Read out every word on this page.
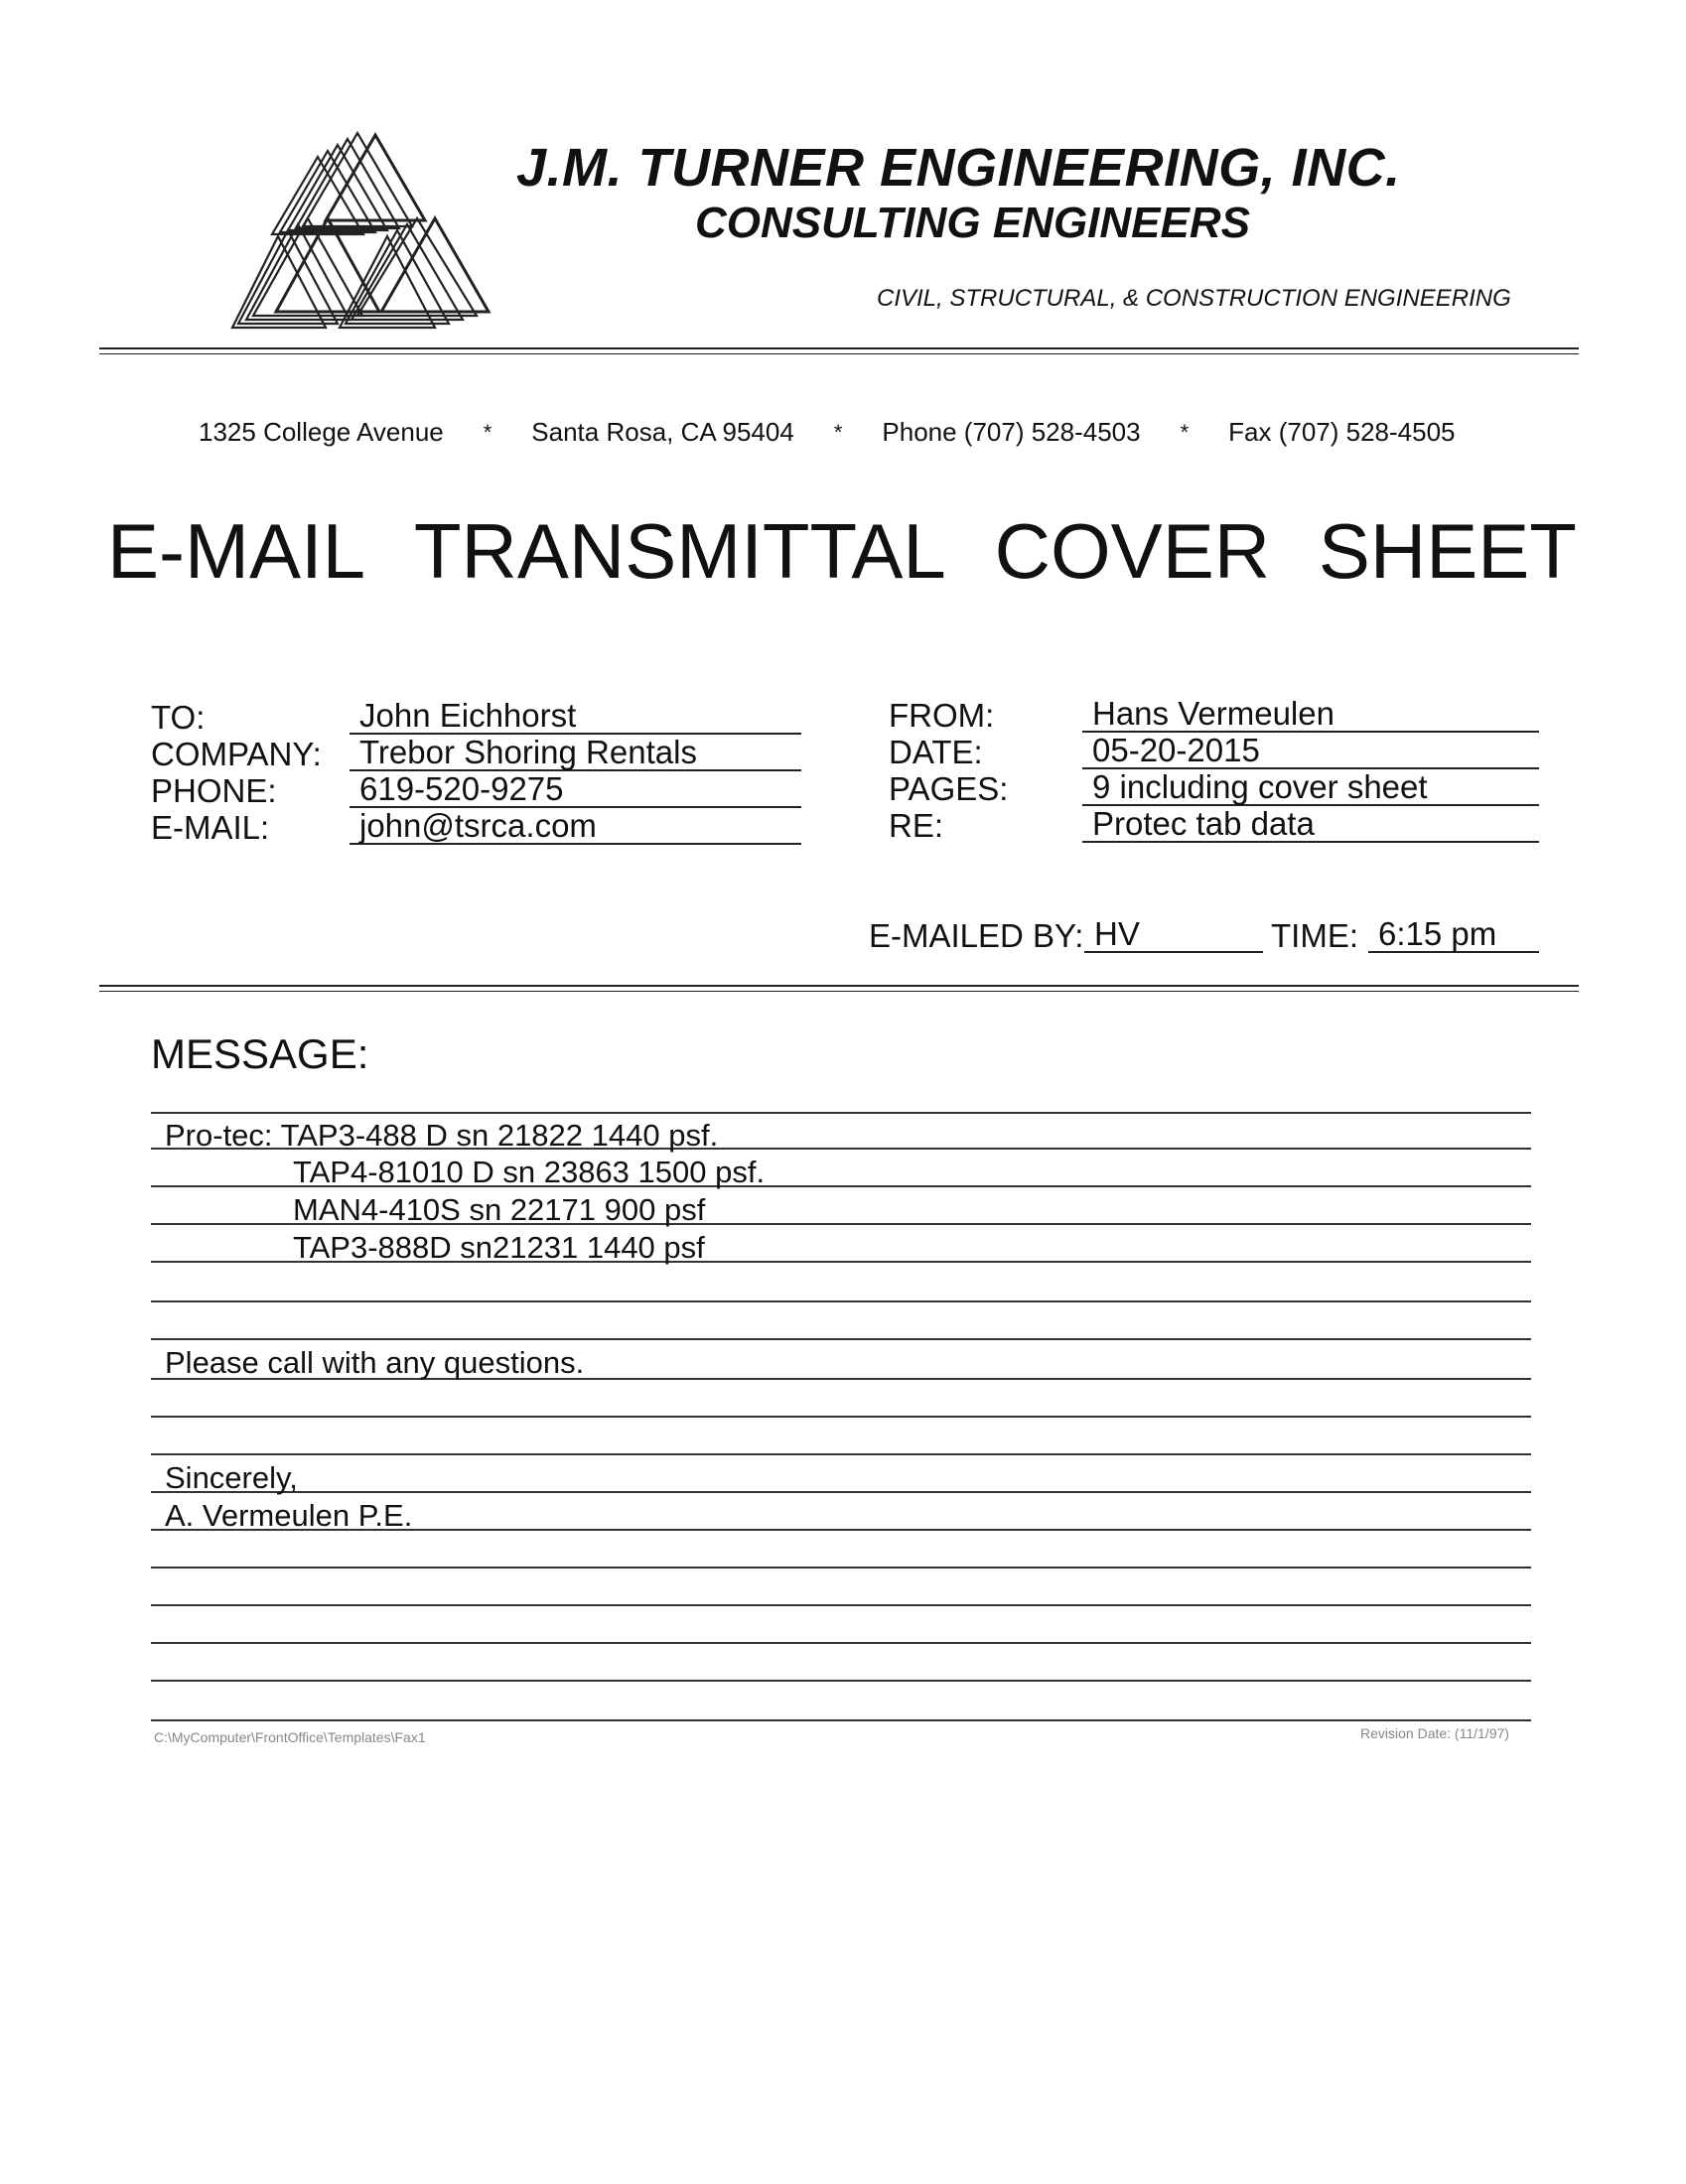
J.M. TURNER ENGINEERING, INC.
CONSULTING ENGINEERS
CIVIL, STRUCTURAL, & CONSTRUCTION ENGINEERING
1325 College Avenue * Santa Rosa, CA 95404 * Phone (707) 528-4503 * Fax (707) 528-4505
E-MAIL TRANSMITTAL COVER SHEET
TO:	John Eichhorst
COMPANY:	Trebor Shoring Rentals
PHONE:	619-520-9275
E-MAIL:	john@tsrca.com
FROM:	Hans Vermeulen
DATE:	05-20-2015
PAGES:	9 including cover sheet
RE:	Protec tab data
E-MAILED BY: HV	TIME: 6:15 pm
MESSAGE:
Pro-tec: TAP3-488 D sn 21822 1440 psf.
TAP4-81010 D sn 23863 1500 psf.
MAN4-410S sn 22171 900 psf
TAP3-888D sn21231 1440 psf
Please call with any questions.
Sincerely,
A. Vermeulen P.E.
C:\MyComputer\FrontOffice\Templates\Fax1	Revision Date: (11/1/97)
